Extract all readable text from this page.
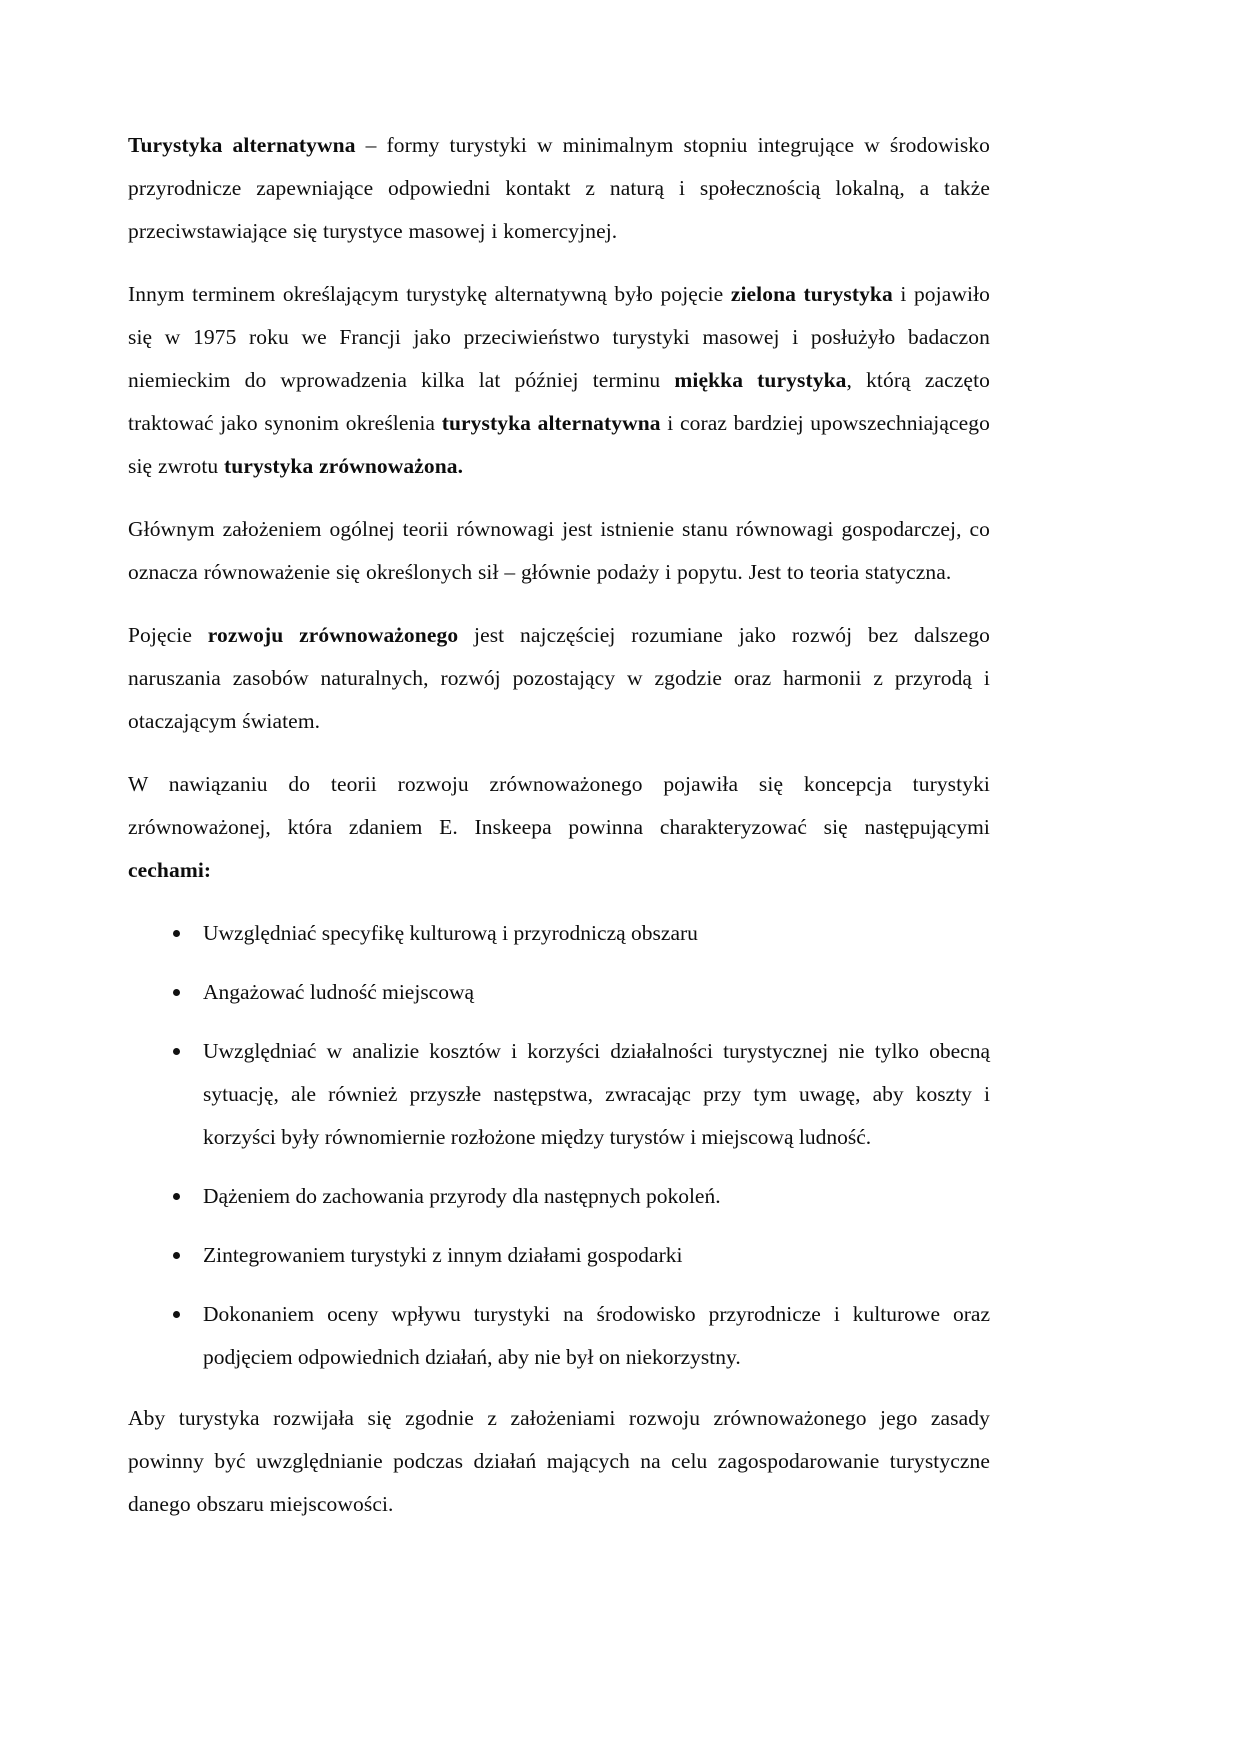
Turystyka alternatywna – formy turystyki w minimalnym stopniu integrujące w środowisko przyrodnicze zapewniające odpowiedni kontakt z naturą i społecznością lokalną, a także przeciwstawiające się turystyce masowej i komercyjnej.

Innym terminem określającym turystykę alternatywną było pojęcie zielona turystyka i pojawiło się w 1975 roku we Francji jako przeciwieństwo turystyki masowej i posłużyło badaczon niemieckim do wprowadzenia kilka lat później terminu miękka turystyka, którą zaczęto traktować jako synonim określenia turystyka alternatywna i coraz bardziej upowszechniającego się zwrotu turystyka zrównoważona.

Głównym założeniem ogólnej teorii równowagi jest istnienie stanu równowagi gospodarczej, co oznacza równoważenie się określonych sił – głównie podaży i popytu. Jest to teoria statyczna.

Pojęcie rozwoju zrównoważonego jest najczęściej rozumiane jako rozwój bez dalszego naruszania zasobów naturalnych, rozwój pozostający w zgodzie oraz harmonii z przyrodą i otaczającym światem.

W nawiązaniu do teorii rozwoju zrównoważonego pojawiła się koncepcja turystyki zrównoważonej, która zdaniem E. Inskeepa powinna charakteryzować się następującymi cechami:

Uwzględniać specyfikę kulturową i przyrodniczą obszaru
Angażować ludność miejscową
Uwzględniać w analizie kosztów i korzyści działalności turystycznej nie tylko obecną sytuację, ale również przyszłe następstwa, zwracając przy tym uwagę, aby koszty i korzyści były równomiernie rozłożone między turystów i miejscową ludność.
Dążeniem do zachowania przyrody dla następnych pokoleń.
Zintegrowaniem turystyki z innym działami gospodarki
Dokonaniem oceny wpływu turystyki na środowisko przyrodnicze i kulturowe oraz podjęciem odpowiednich działań, aby nie był on niekorzystny.

Aby turystyka rozwijała się zgodnie z założeniami rozwoju zrównoważonego jego zasady powinny być uwzględnianie podczas działań mających na celu zagospodarowanie turystyczne danego obszaru miejscowości.
